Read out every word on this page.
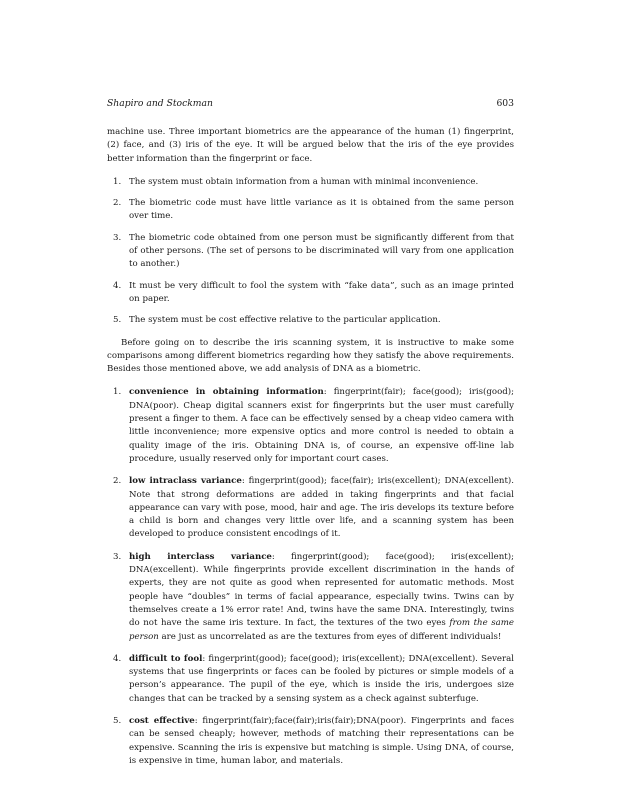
Shapiro and Stockman	603

machine use. Three important biometrics are the appearance of the human (1) fingerprint, (2) face, and (3) iris of the eye. It will be argued below that the iris of the eye provides better information than the fingerprint or face.

1. The system must obtain information from a human with minimal inconvenience.
2. The biometric code must have little variance as it is obtained from the same person over time.
3. The biometric code obtained from one person must be significantly different from that of other persons. (The set of persons to be discriminated will vary from one application to another.)
4. It must be very difficult to fool the system with “fake data”, such as an image printed on paper.
5. The system must be cost effective relative to the particular application.

Before going on to describe the iris scanning system, it is instructive to make some comparisons among different biometrics regarding how they satisfy the above requirements. Besides those mentioned above, we add analysis of DNA as a biometric.

1. convenience in obtaining information: fingerprint(fair); face(good); iris(good); DNA(poor). Cheap digital scanners exist for fingerprints but the user must carefully present a finger to them. A face can be effectively sensed by a cheap video camera with little inconvenience; more expensive optics and more control is needed to obtain a quality image of the iris. Obtaining DNA is, of course, an expensive off-line lab procedure, usually reserved only for important court cases.
2. low intraclass variance: fingerprint(good); face(fair); iris(excellent); DNA(excellent). Note that strong deformations are added in taking fingerprints and that facial appearance can vary with pose, mood, hair and age. The iris develops its texture before a child is born and changes very little over life, and a scanning system has been developed to produce consistent encodings of it.
3. high interclass variance: fingerprint(good); face(good); iris(excellent); DNA(excellent). While fingerprints provide excellent discrimination in the hands of experts, they are not quite as good when represented for automatic methods. Most people have “doubles” in terms of facial appearance, especially twins. Twins can by themselves create a 1% error rate! And, twins have the same DNA. Interestingly, twins do not have the same iris texture. In fact, the textures of the two eyes from the same person are just as uncorrelated as are the textures from eyes of different individuals!
4. difficult to fool: fingerprint(good); face(good); iris(excellent); DNA(excellent). Several systems that use fingerprints or faces can be fooled by pictures or simple models of a person’s appearance. The pupil of the eye, which is inside the iris, undergoes size changes that can be tracked by a sensing system as a check against subterfuge.
5. cost effective: fingerprint(fair);face(fair);iris(fair);DNA(poor). Fingerprints and faces can be sensed cheaply; however, methods of matching their representations can be expensive. Scanning the iris is expensive but matching is simple. Using DNA, of course, is expensive in time, human labor, and materials.
